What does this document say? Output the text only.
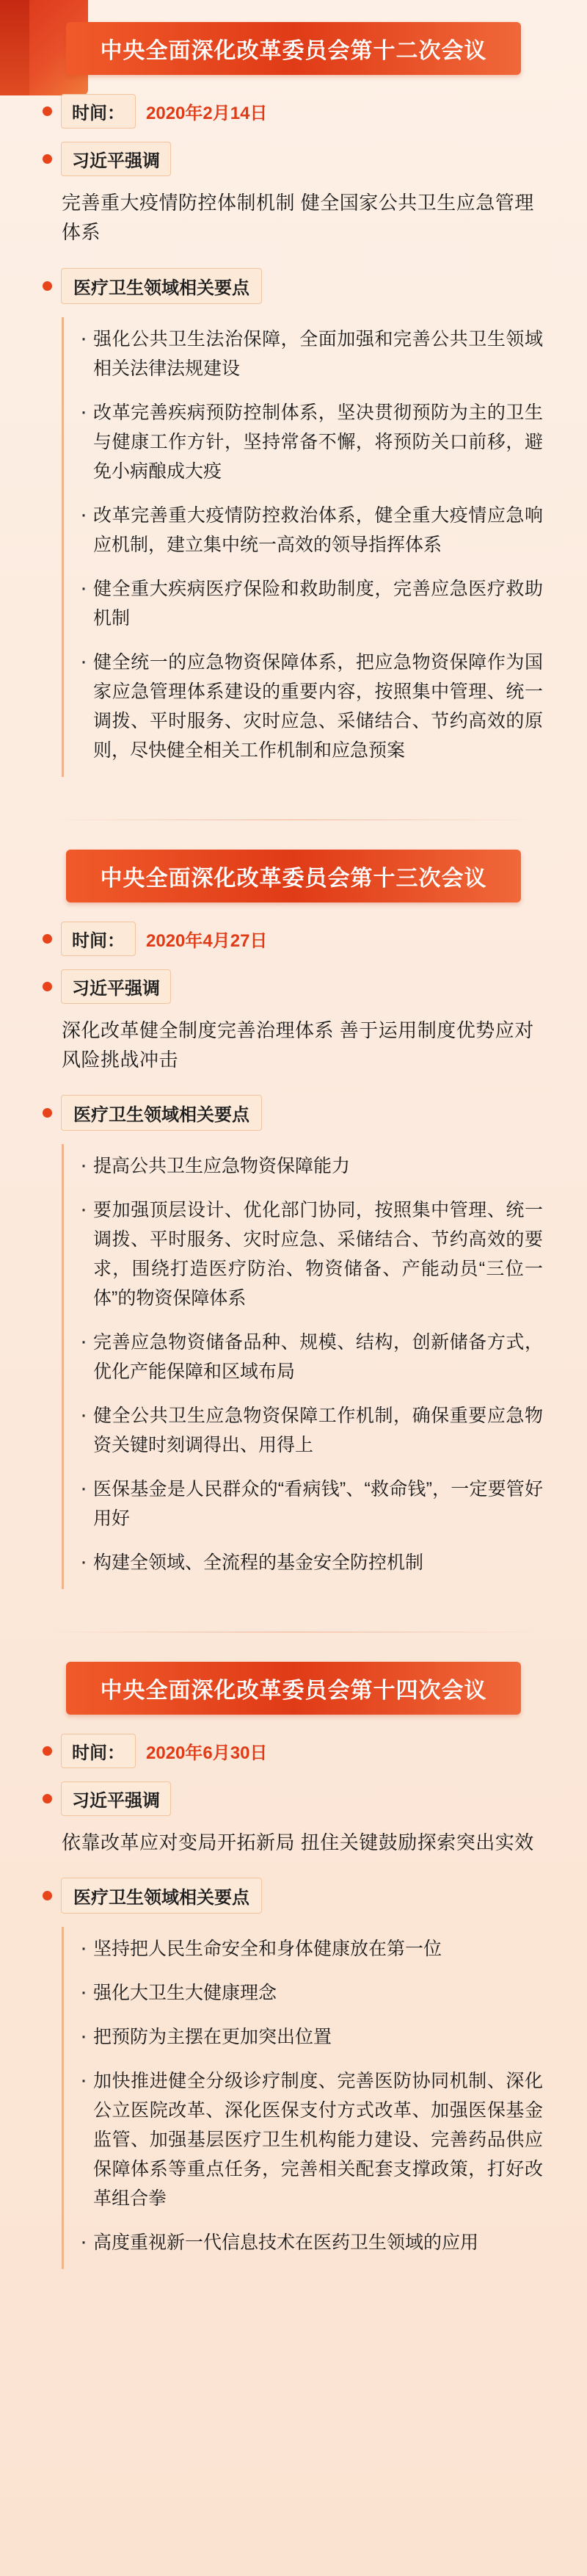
中央全面深化改革委员会第十二次会议
时间：	2020年2月14日
习近平强调
完善重大疫情防控体制机制 健全国家公共卫生应急管理体系
医疗卫生领域相关要点
· 强化公共卫生法治保障，全面加强和完善公共卫生领域相关法律法规建设
· 改革完善疾病预防控制体系，坚决贯彻预防为主的卫生与健康工作方针，坚持常备不懈，将预防关口前移，避免小病酿成大疫
· 改革完善重大疫情防控救治体系，健全重大疫情应急响应机制，建立集中统一高效的领导指挥体系
· 健全重大疾病医疗保险和救助制度，完善应急医疗救助机制
· 健全统一的应急物资保障体系，把应急物资保障作为国家应急管理体系建设的重要内容，按照集中管理、统一调拨、平时服务、灾时应急、采储结合、节约高效的原则，尽快健全相关工作机制和应急预案
中央全面深化改革委员会第十三次会议
时间：	2020年4月27日
习近平强调
深化改革健全制度完善治理体系 善于运用制度优势应对风险挑战冲击
医疗卫生领域相关要点
· 提高公共卫生应急物资保障能力
· 要加强顶层设计、优化部门协同，按照集中管理、统一调拨、平时服务、灾时应急、采储结合、节约高效的要求，围绕打造医疗防治、物资储备、产能动员“三位一体”的物资保障体系
· 完善应急物资储备品种、规模、结构，创新储备方式，优化产能保障和区域布局
· 健全公共卫生应急物资保障工作机制，确保重要应急物资关键时刻调得出、用得上
· 医保基金是人民群众的“看病钱”、“救命钱”，一定要管好用好
· 构建全领域、全流程的基金安全防控机制
中央全面深化改革委员会第十四次会议
时间：	2020年6月30日
习近平强调
依靠改革应对变局开拓新局 扭住关键鼓励探索突出实效
医疗卫生领域相关要点
· 坚持把人民生命安全和身体健康放在第一位
· 强化大卫生大健康理念
· 把预防为主摆在更加突出位置
· 加快推进健全分级诊疗制度、完善医防协同机制、深化公立医院改革、深化医保支付方式改革、加强医保基金监管、加强基层医疗卫生机构能力建设、完善药品供应保障体系等重点任务，完善相关配套支撑政策，打好改革组合拳
· 高度重视新一代信息技术在医药卫生领域的应用
